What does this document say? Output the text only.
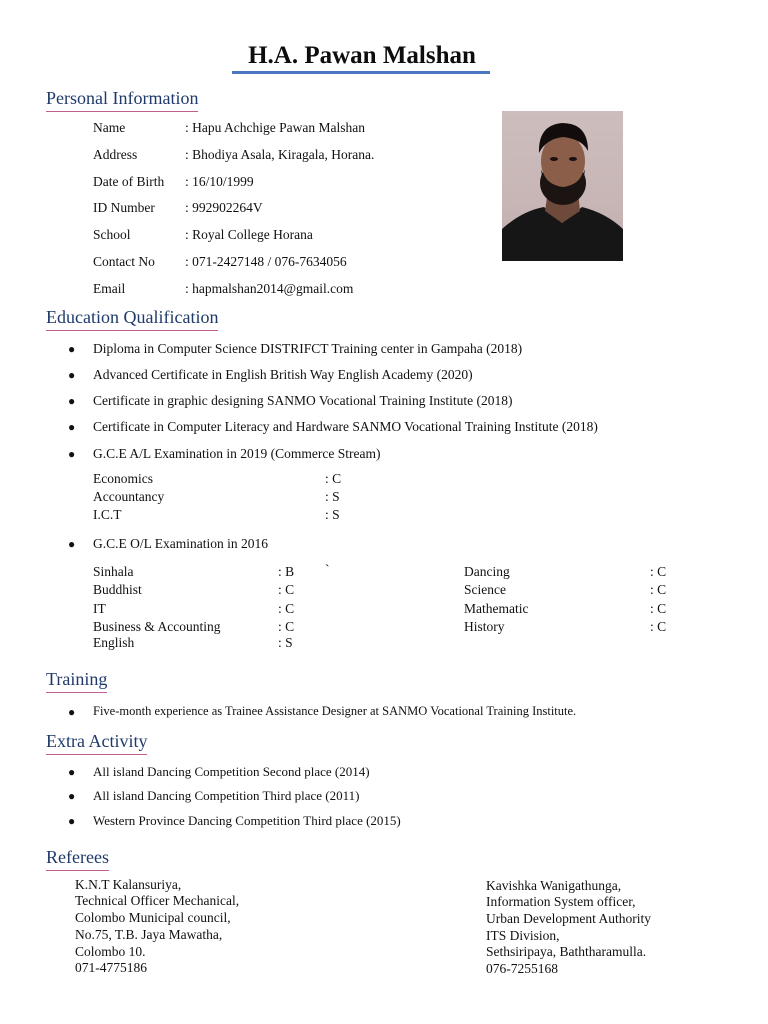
H.A. Pawan Malshan
Personal Information
Name	: Hapu Achchige Pawan Malshan
Address	: Bhodiya Asala, Kiragala, Horana.
Date of Birth : 16/10/1999
ID Number : 992902264V
School	: Royal College Horana
Contact No : 071-2427148 / 076-7634056
Email	: hapmalshan2014@gmail.com
Education Qualification
● Diploma in Computer Science DISTRIFCT Training center in Gampaha (2018)
● Advanced Certificate in English British Way English Academy (2020)
● Certificate in graphic designing SANMO Vocational Training Institute (2018)
● Certificate in Computer Literacy and Hardware SANMO Vocational Training Institute (2018)
● G.C.E A/L Examination in 2019 (Commerce Stream)
Economics	: C
Accountancy	: S
I.C.T	: S
● G.C.E O/L Examination in 2016
Sinhala	: B `
Buddhist	: C
IT	: C
Business & Accounting	: C
English	: S
Dancing	: C
Science	: C
Mathematic	: C
History	: C
Training
● Five-month experience as Trainee Assistance Designer at SANMO Vocational Training Institute.
Extra Activity
● All island Dancing Competition Second place (2014)
● All island Dancing Competition Third place (2011)
● Western Province Dancing Competition Third place (2015)
Referees
K.N.T Kalansuriya,
Technical Officer Mechanical,
Colombo Municipal council,
No.75, T.B. Jaya Mawatha,
Colombo 10.
071-4775186
Kavishka Wanigathunga,
Information System officer,
Urban Development Authority
ITS Division,
Sethsiripaya, Baththaramulla.
076-7255168
